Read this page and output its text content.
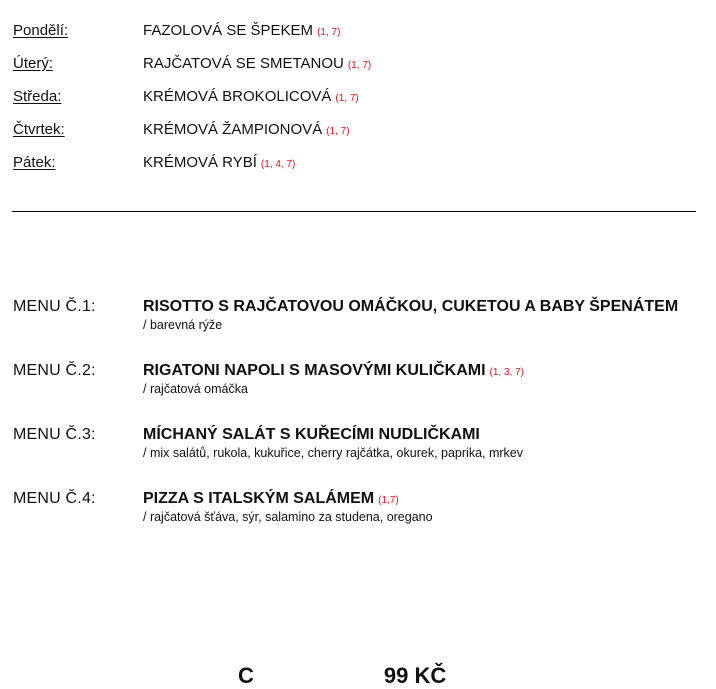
Pondělí:	FAZOLOVÁ SE ŠPEKEM (1, 7)
Úterý:	RAJČATOVÁ SE SMETANOU (1, 7)
Středa:	KRÉMOVÁ BROKOLICOVÁ (1, 7)
Čtvrtek:	KRÉMOVÁ ŽAMPIONOVÁ (1, 7)
Pátek:	KRÉMOVÁ RYBÍ (1, 4, 7)
MENU Č.1:	RISOTTO S RAJČATOVOU OMÁČKOU, CUKETOU A BABY ŠPENÁTEM
/ barevná rýže
MENU Č.2:	RIGATONI NAPOLI S MASOVÝMI KULIČKAMI (1, 3, 7)
/ rajčatová omáčka
MENU Č.3:	MÍCHANÝ SALÁT S KUŘECÍMI NUDLIČKAMI
/ mix salátů, rukola, kukuřice, cherry rajčátka, okurek, paprika, mrkev
MENU Č.4:	PIZZA S ITALSKÝM SALÁMEM (1,7)
/ rajčatová šťáva, sýr, salamino za studena, oregano
C	99 KČ
